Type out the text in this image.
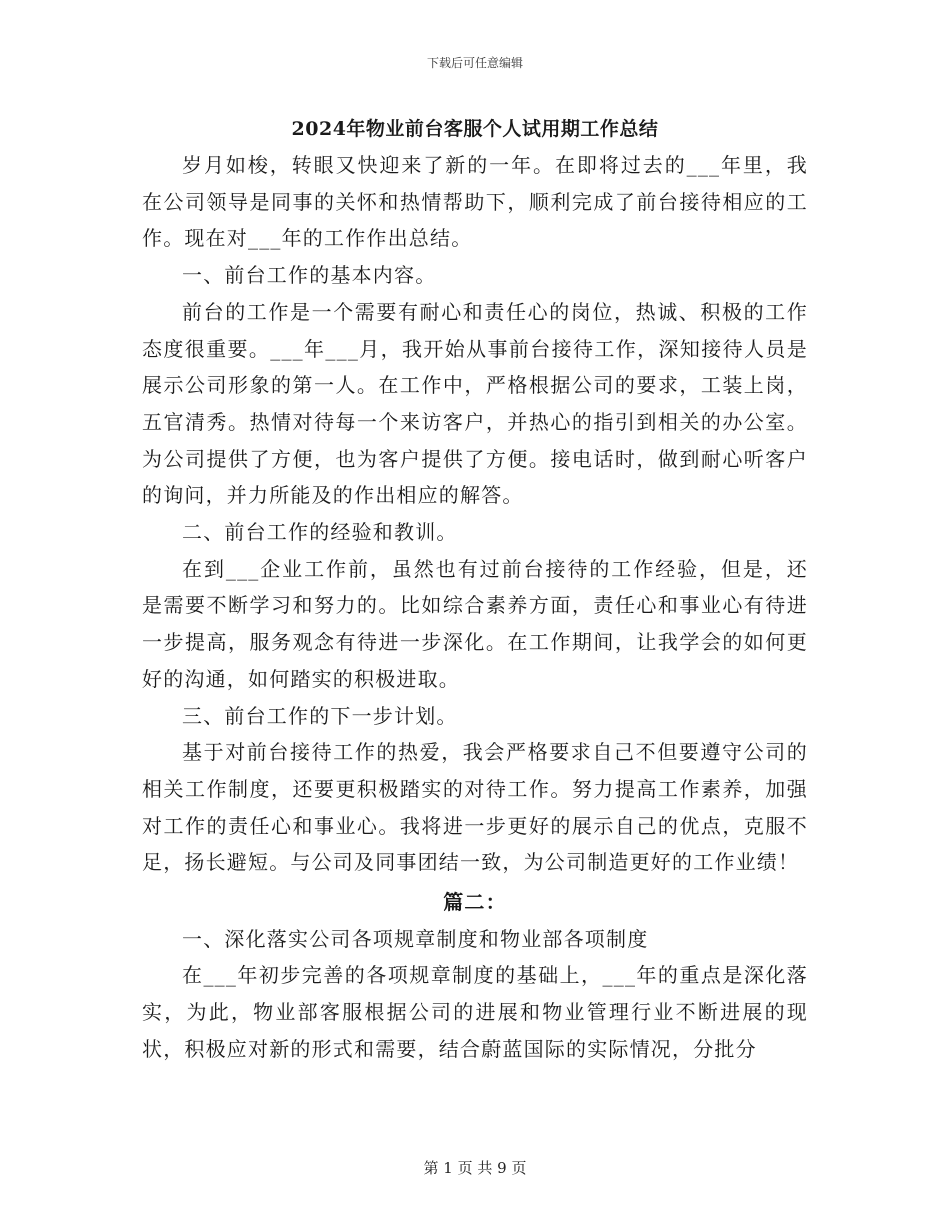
下载后可任意编辑
2024年物业前台客服个人试用期工作总结

岁月如梭，转眼又快迎来了新的一年。在即将过去的___年里，我在公司领导是同事的关怀和热情帮助下，顺利完成了前台接待相应的工作。现在对___年的工作作出总结。

一、前台工作的基本内容。

前台的工作是一个需要有耐心和责任心的岗位，热诚、积极的工作态度很重要。___年___月，我开始从事前台接待工作，深知接待人员是展示公司形象的第一人。在工作中，严格根据公司的要求，工装上岗，五官清秀。热情对待每一个来访客户，并热心的指引到相关的办公室。为公司提供了方便，也为客户提供了方便。接电话时，做到耐心听客户的询问，并力所能及的作出相应的解答。

二、前台工作的经验和教训。

在到___企业工作前，虽然也有过前台接待的工作经验，但是，还是需要不断学习和努力的。比如综合素养方面，责任心和事业心有待进一步提高，服务观念有待进一步深化。在工作期间，让我学会的如何更好的沟通，如何踏实的积极进取。

三、前台工作的下一步计划。

基于对前台接待工作的热爱，我会严格要求自己不但要遵守公司的相关工作制度，还要更积极踏实的对待工作。努力提高工作素养，加强对工作的责任心和事业心。我将进一步更好的展示自己的优点，克服不足，扬长避短。与公司及同事团结一致，为公司制造更好的工作业绩！

篇二：

一、深化落实公司各项规章制度和物业部各项制度

在___年初步完善的各项规章制度的基础上，___年的重点是深化落实，为此，物业部客服根据公司的进展和物业管理行业不断进展的现状，积极应对新的形式和需要，结合蔚蓝国际的实际情况，分批分

第 1 页 共 9 页
